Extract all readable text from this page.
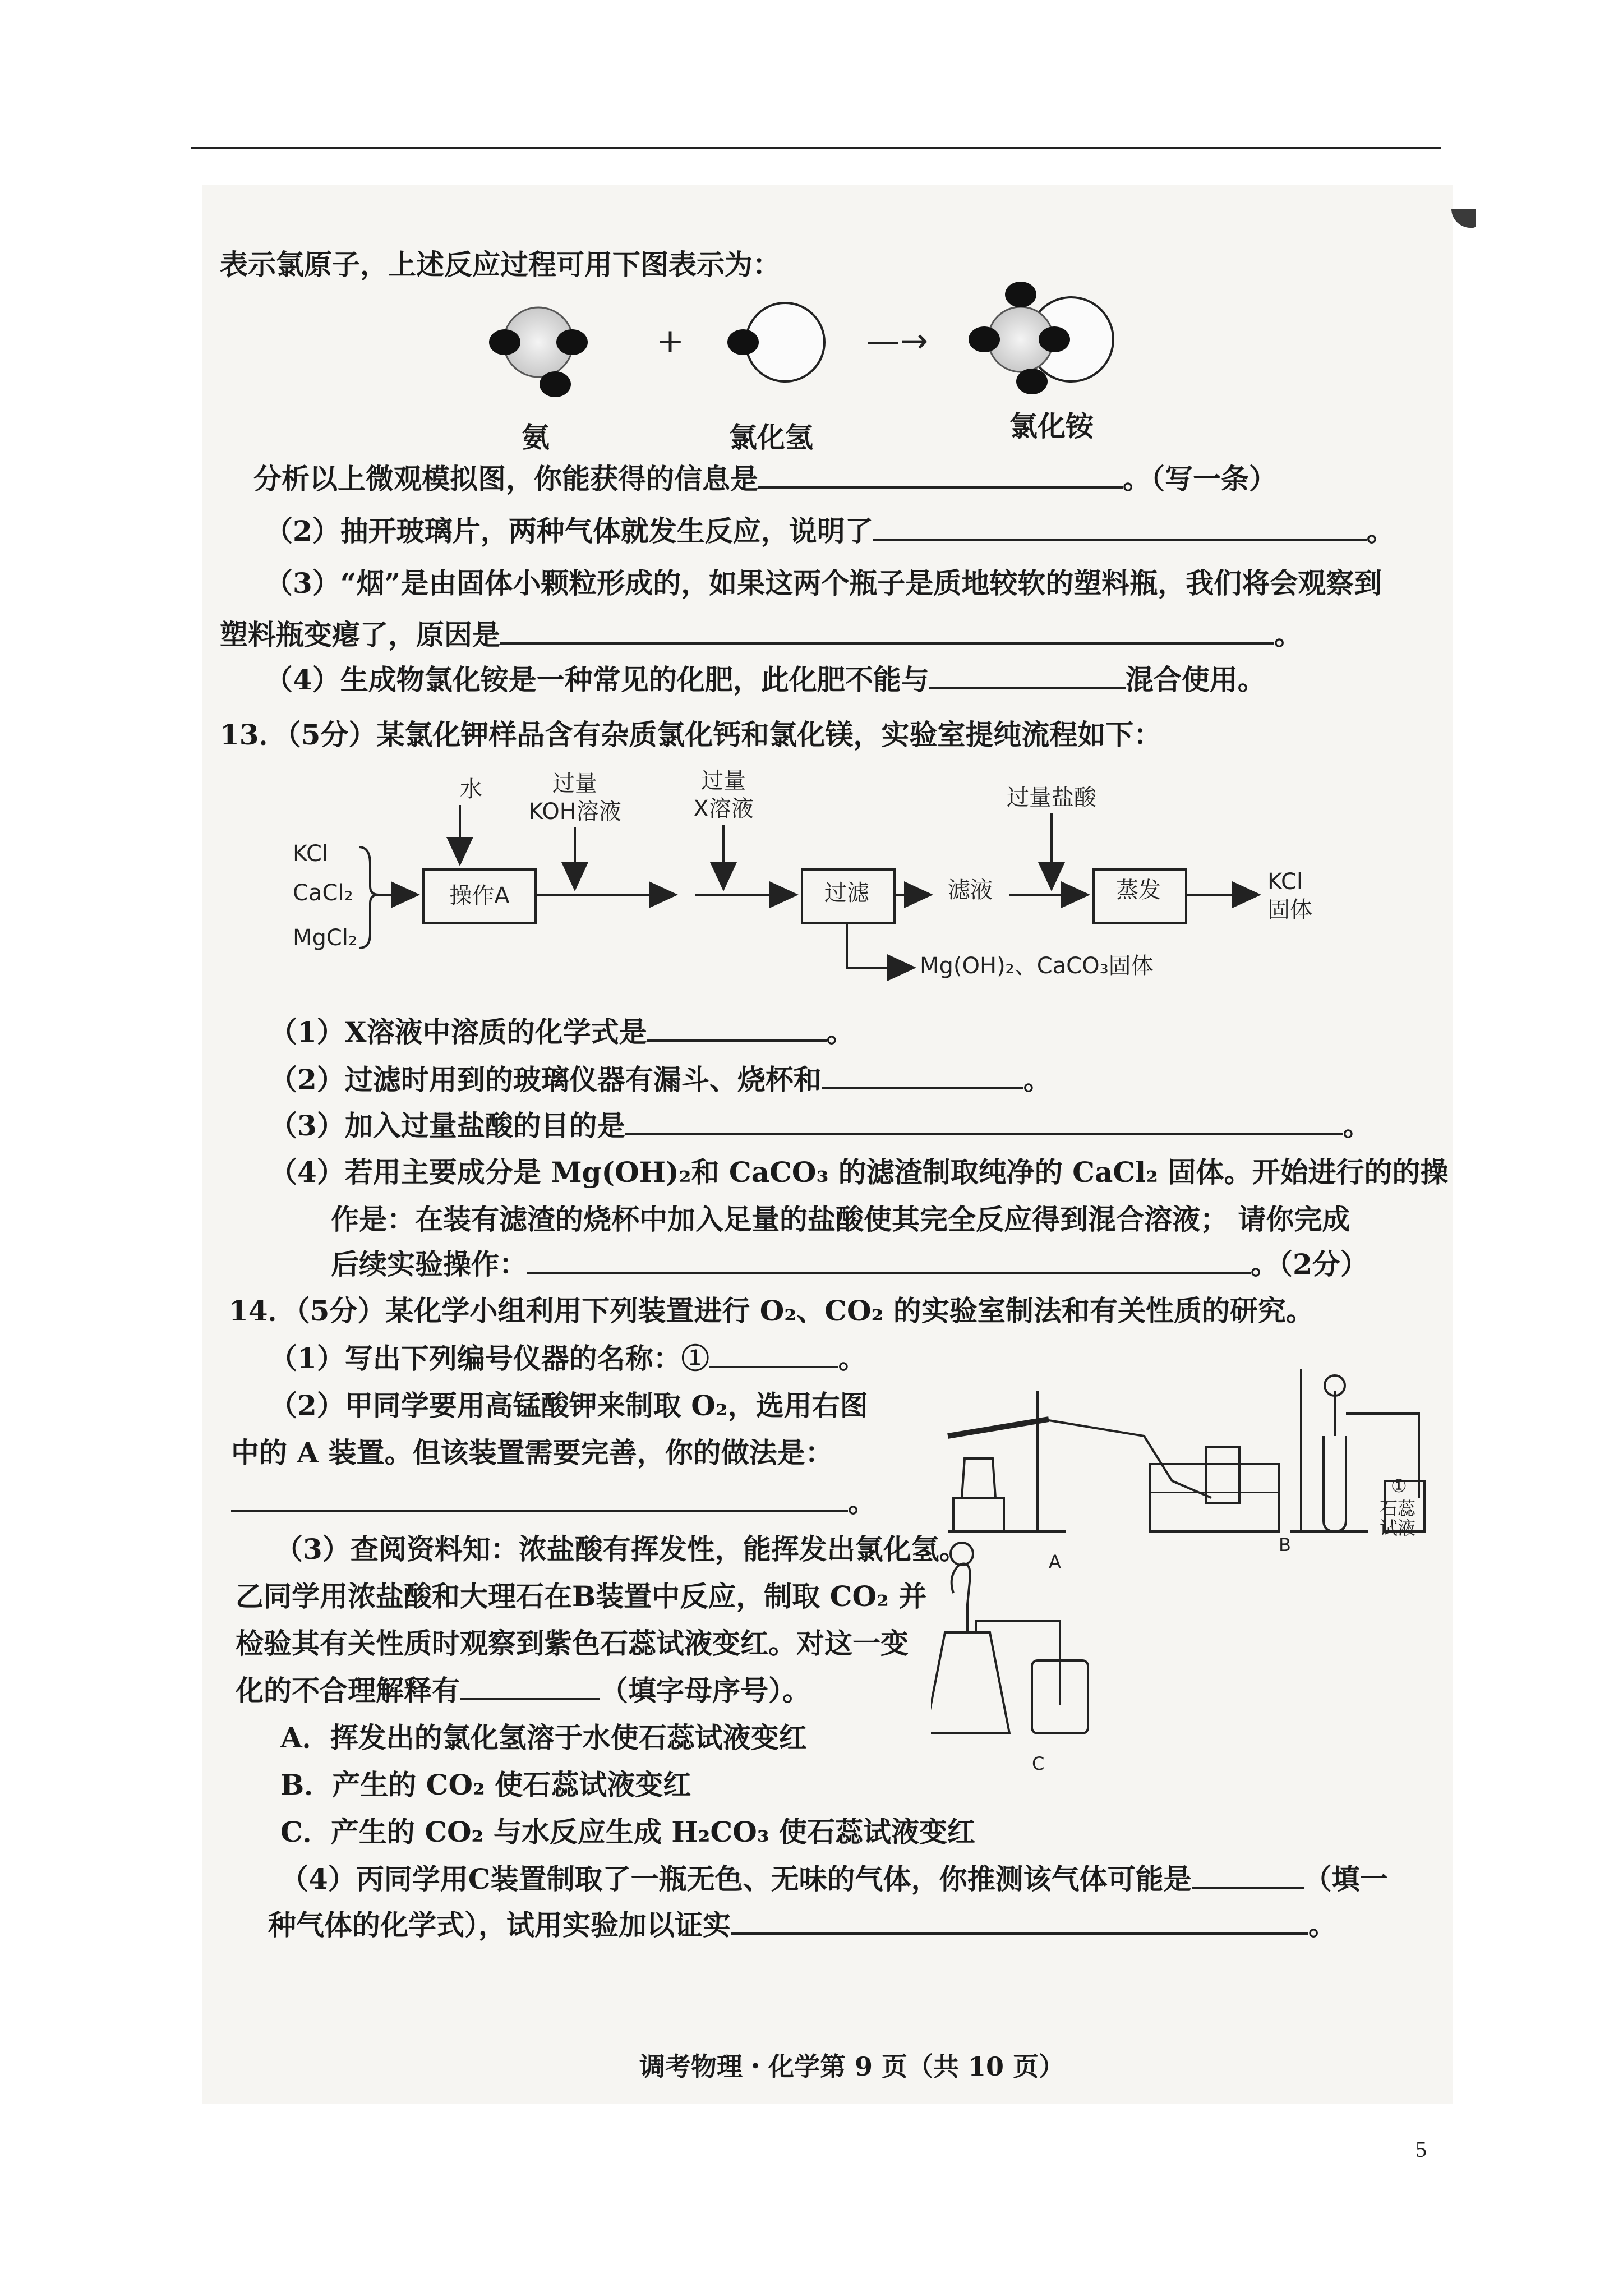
表示氯原子，上述反应过程可用下图表示为：
+	—→
氨	氯化氢	氯化铵
分析以上微观模拟图，你能获得的信息是	。（写一条）
（2）抽开玻璃片，两种气体就发生反应，说明了	。
（3）“烟”是由固体小颗粒形成的，如果这两个瓶子是质地较软的塑料瓶，我们将会观察到
塑料瓶变瘪了，原因是	。
（4）生成物氯化铵是一种常见的化肥，此化肥不能与	混合使用。
13．（5分）某氯化钾样品含有杂质氯化钙和氯化镁，实验室提纯流程如下：
KCl
CaCl₂
MgCl₂
水	过量
KOH溶液
过量
X溶液	过量盐酸
操作A	过滤	滤液	蒸发	KCl
固体
Mg(OH)₂、CaCO₃固体
（1）X溶液中溶质的化学式是	。
（2）过滤时用到的玻璃仪器有漏斗、烧杯和	。
（3）加入过量盐酸的目的是	。
（4）若用主要成分是 Mg(OH)₂和 CaCO₃ 的滤渣制取纯净的 CaCl₂ 固体。开始进行的的操
作是：在装有滤渣的烧杯中加入足量的盐酸使其完全反应得到混合溶液； 请你完成
后续实验操作：	。（2分）
14．（5分）某化学小组利用下列装置进行 O₂、CO₂ 的实验室制法和有关性质的研究。
（1）写出下列编号仪器的名称：①	。
（2）甲同学要用高锰酸钾来制取 O₂，选用右图
中的 A 装置。但该装置需要完善，你的做法是：
。
（3）查阅资料知：浓盐酸有挥发性，能挥发出氯化氢。
乙同学用浓盐酸和大理石在B装置中反应，制取 CO₂ 并
检验其有关性质时观察到紫色石蕊试液变红。对这一变
化的不合理解释有	（填字母序号）。
A．挥发出的氯化氢溶于水使石蕊试液变红
B．产生的 CO₂ 使石蕊试液变红
C．产生的 CO₂ 与水反应生成 H₂CO₃ 使石蕊试液变红
（4）丙同学用C装置制取了一瓶无色、无味的气体，你推测该气体可能是	（填一
种气体的化学式），试用实验加以证实	。
A
B
C
①
石蕊
试液
调考物理・化学第 9 页（共 10 页）
5
